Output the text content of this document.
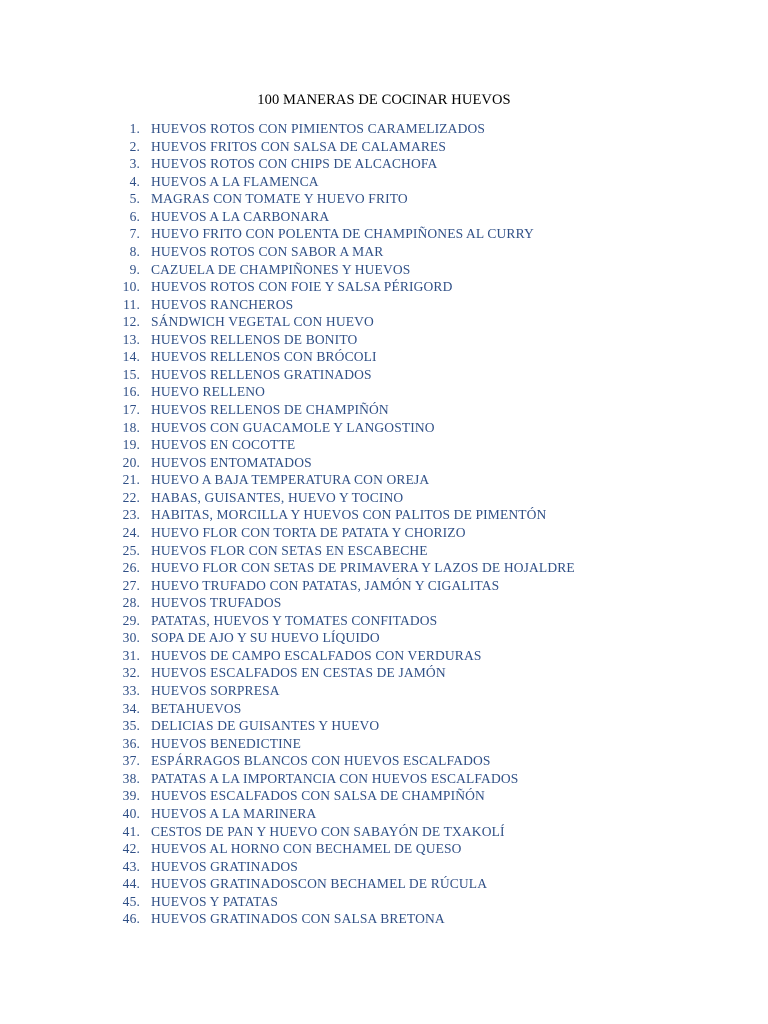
100 MANERAS DE COCINAR HUEVOS
1. HUEVOS ROTOS CON PIMIENTOS CARAMELIZADOS
2. HUEVOS FRITOS CON SALSA DE CALAMARES
3. HUEVOS ROTOS CON CHIPS DE ALCACHOFA
4. HUEVOS A LA FLAMENCA
5. MAGRAS CON TOMATE Y HUEVO FRITO
6. HUEVOS A LA CARBONARA
7. HUEVO FRITO CON POLENTA DE CHAMPIÑONES AL CURRY
8. HUEVOS ROTOS CON SABOR A MAR
9.CAZUELA DE CHAMPIÑONES Y HUEVOS
10. HUEVOS ROTOS CON FOIE Y SALSA PÉRIGORD
11. HUEVOS RANCHEROS
12. SÁNDWICH VEGETAL CON HUEVO
13. HUEVOS RELLENOS DE BONITO
14. HUEVOS RELLENOS CON BRÓCOLI
15. HUEVOS RELLENOS GRATINADOS
16. HUEVO RELLENO
17. HUEVOS RELLENOS DE CHAMPIÑÓN
18. HUEVOS CON GUACAMOLE Y LANGOSTINO
19. HUEVOS EN COCOTTE
20. HUEVOS ENTOMATADOS
21. HUEVO A BAJA TEMPERATURA CON OREJA
22. HABAS, GUISANTES, HUEVO Y TOCINO
23. HABITAS, MORCILLA Y HUEVOS CON PALITOS DE PIMENTÓN
24. HUEVO FLOR CON TORTA DE PATATA Y CHORIZO
25. HUEVOS FLOR CON SETAS EN ESCABECHE
26. HUEVO FLOR CON SETAS DE PRIMAVERA Y LAZOS DE HOJALDRE
27. HUEVO TRUFADO CON PATATAS, JAMÓN Y CIGALITAS
28. HUEVOS TRUFADOS
29. PATATAS, HUEVOS Y TOMATES CONFITADOS
30. SOPA DE AJO Y SU HUEVO LÍQUIDO
31. HUEVOS DE CAMPO ESCALFADOS CON VERDURAS
32. HUEVOS ESCALFADOS EN CESTAS DE JAMÓN
33. HUEVOS SORPRESA
34. BETAHUEVOS
35. DELICIAS DE GUISANTES Y HUEVO
36. HUEVOS BENEDICTINE
37. ESPÁRRAGOS BLANCOS CON HUEVOS ESCALFADOS
38. PATATAS A LA IMPORTANCIA CON HUEVOS ESCALFADOS
39. HUEVOS ESCALFADOS CON SALSA DE CHAMPIÑÓN
40. HUEVOS A LA MARINERA
41. CESTOS DE PAN Y HUEVO CON SABAYÓN DE TXAKOLÍ
42. HUEVOS AL HORNO CON BECHAMEL DE QUESO
43. HUEVOS GRATINADOS
44. HUEVOS GRATINADOSCON BECHAMEL DE RÚCULA
45. HUEVOS Y PATATAS
46. HUEVOS GRATINADOS CON SALSA BRETONA
